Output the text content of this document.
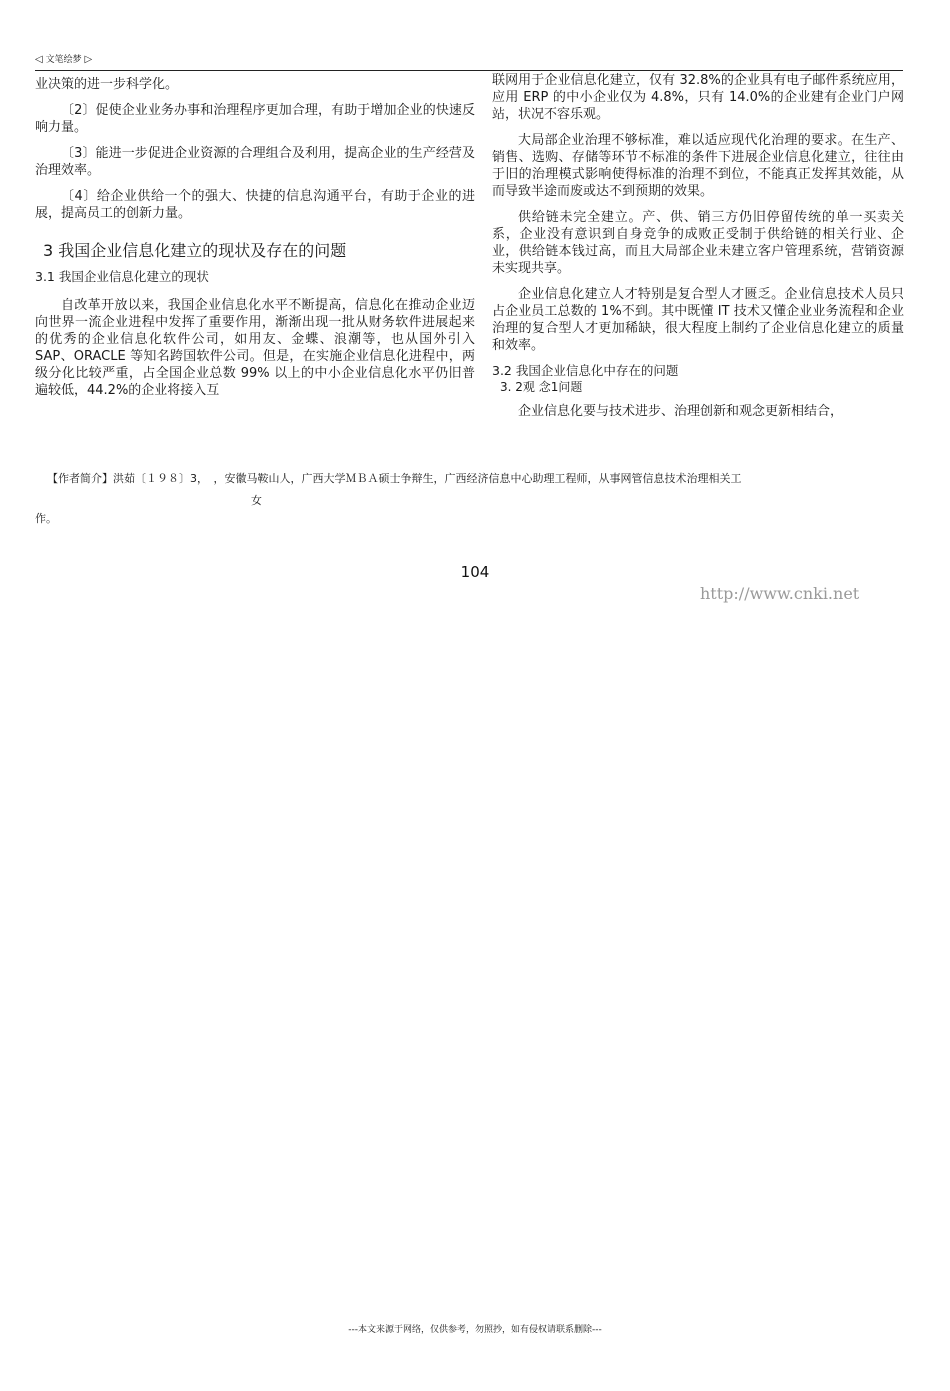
◁ 文笔绘梦 ▷

业决策的进一步科学化。

〔2〕促使企业业务办事和治理程序更加合理，有助于增加企业的快速反响力量。

〔3〕能进一步促进企业资源的合理组合及利用，提高企业的生产经营及治理效率。

〔4〕给企业供给一个的强大、快捷的信息沟通平台，有助于企业的进展，提高员工的创新力量。

3 我国企业信息化建立的现状及存在的问题
3.1 我国企业信息化建立的现状

自改革开放以来，我国企业信息化水平不断提高，信息化在推动企业迈向世界一流企业进程中发挥了重要作用，渐渐出现一批从财务软件进展起来的优秀的企业信息化软件公司，如用友、金蝶、浪潮等，也从国外引入 SAP、ORACLE 等知名跨国软件公司。但是，在实施企业信息化进程中，两级分化比较严重，占全国企业总数 99% 以上的中小企业信息化水平仍旧普遍较低，44.2%的企业将接入互

联网用于企业信息化建立，仅有 32.8%的企业具有电子邮件系统应用，应用 ERP 的中小企业仅为 4.8%，只有 14.0%的企业建有企业门户网站，状况不容乐观。

大局部企业治理不够标准，难以适应现代化治理的要求。在生产、销售、选购、存储等环节不标准的条件下进展企业信息化建立，往往由于旧的治理模式影响使得标准的治理不到位，不能真正发挥其效能，从而导致半途而废或达不到预期的效果。

供给链未完全建立。产、供、销三方仍旧停留传统的单一买卖关系，企业没有意识到自身竞争的成败正受制于供给链的相关行业、企业，供给链本钱过高，而且大局部企业未建立客户管理系统，营销资源未实现共享。

企业信息化建立人才特别是复合型人才匮乏。企业信息技术人员只占企业员工总数的 1%不到。其中既懂 IT 技术又懂企业业务流程和企业治理的复合型人才更加稀缺，很大程度上制约了企业信息化建立的质量和效率。

3.2 我国企业信息化中存在的问题
3. 2观 念1问题

企业信息化要与技术进步、治理创新和观念更新相结合，

【作者简介】洪茹〔１９８〕3，　，安徽马鞍山人，广西大学ＭＢＡ硕士争辩生，广西经济信息中心助理工程师，从事网管信息技术治理相关工
女
作。
104
http://www.cnki.net
---本文来源于网络，仅供参考，勿照抄，如有侵权请联系删除---
